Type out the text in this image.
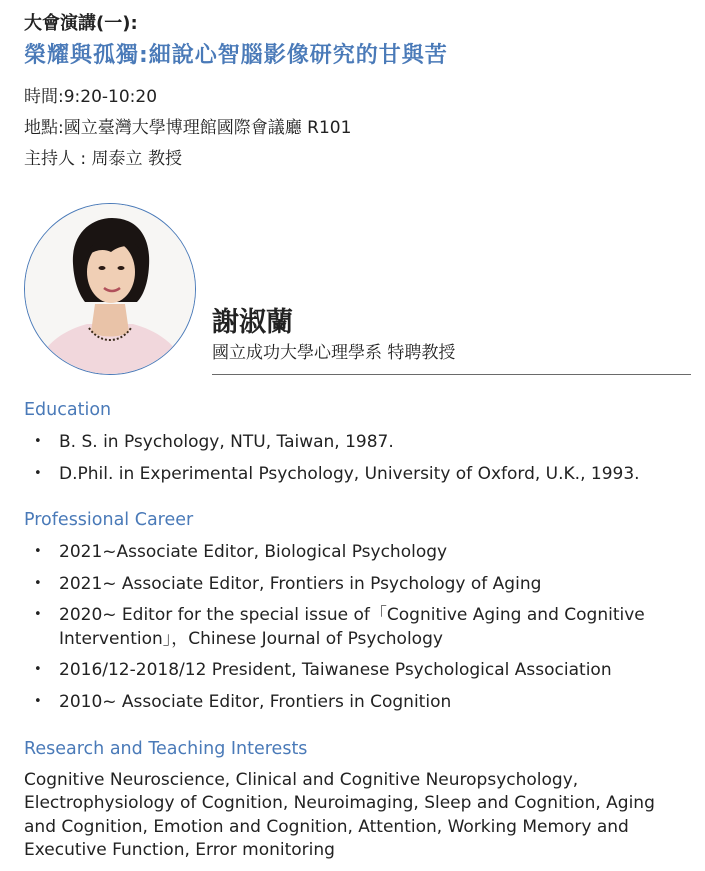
大會演講(一):
榮耀與孤獨:細說心智腦影像研究的甘與苦
時間:9:20-10:20
地點:國立臺灣大學博理館國際會議廳 R101
主持人 : 周泰立 教授
謝淑蘭
國立成功大學心理學系 特聘教授
Education
• B. S. in Psychology, NTU, Taiwan, 1987.
• D.Phil. in Experimental Psychology, University of Oxford, U.K., 1993.
Professional Career
• 2021~Associate Editor, Biological Psychology
• 2021~ Associate Editor, Frontiers in Psychology of Aging
• 2020~ Editor for the special issue of「Cognitive Aging and Cognitive Intervention」，Chinese Journal of Psychology
• 2016/12-2018/12 President, Taiwanese Psychological Association
• 2010~ Associate Editor, Frontiers in Cognition
Research and Teaching Interests
Cognitive Neuroscience, Clinical and Cognitive Neuropsychology, Electrophysiology of Cognition, Neuroimaging, Sleep and Cognition, Aging and Cognition, Emotion and Cognition, Attention, Working Memory and Executive Function, Error monitoring
